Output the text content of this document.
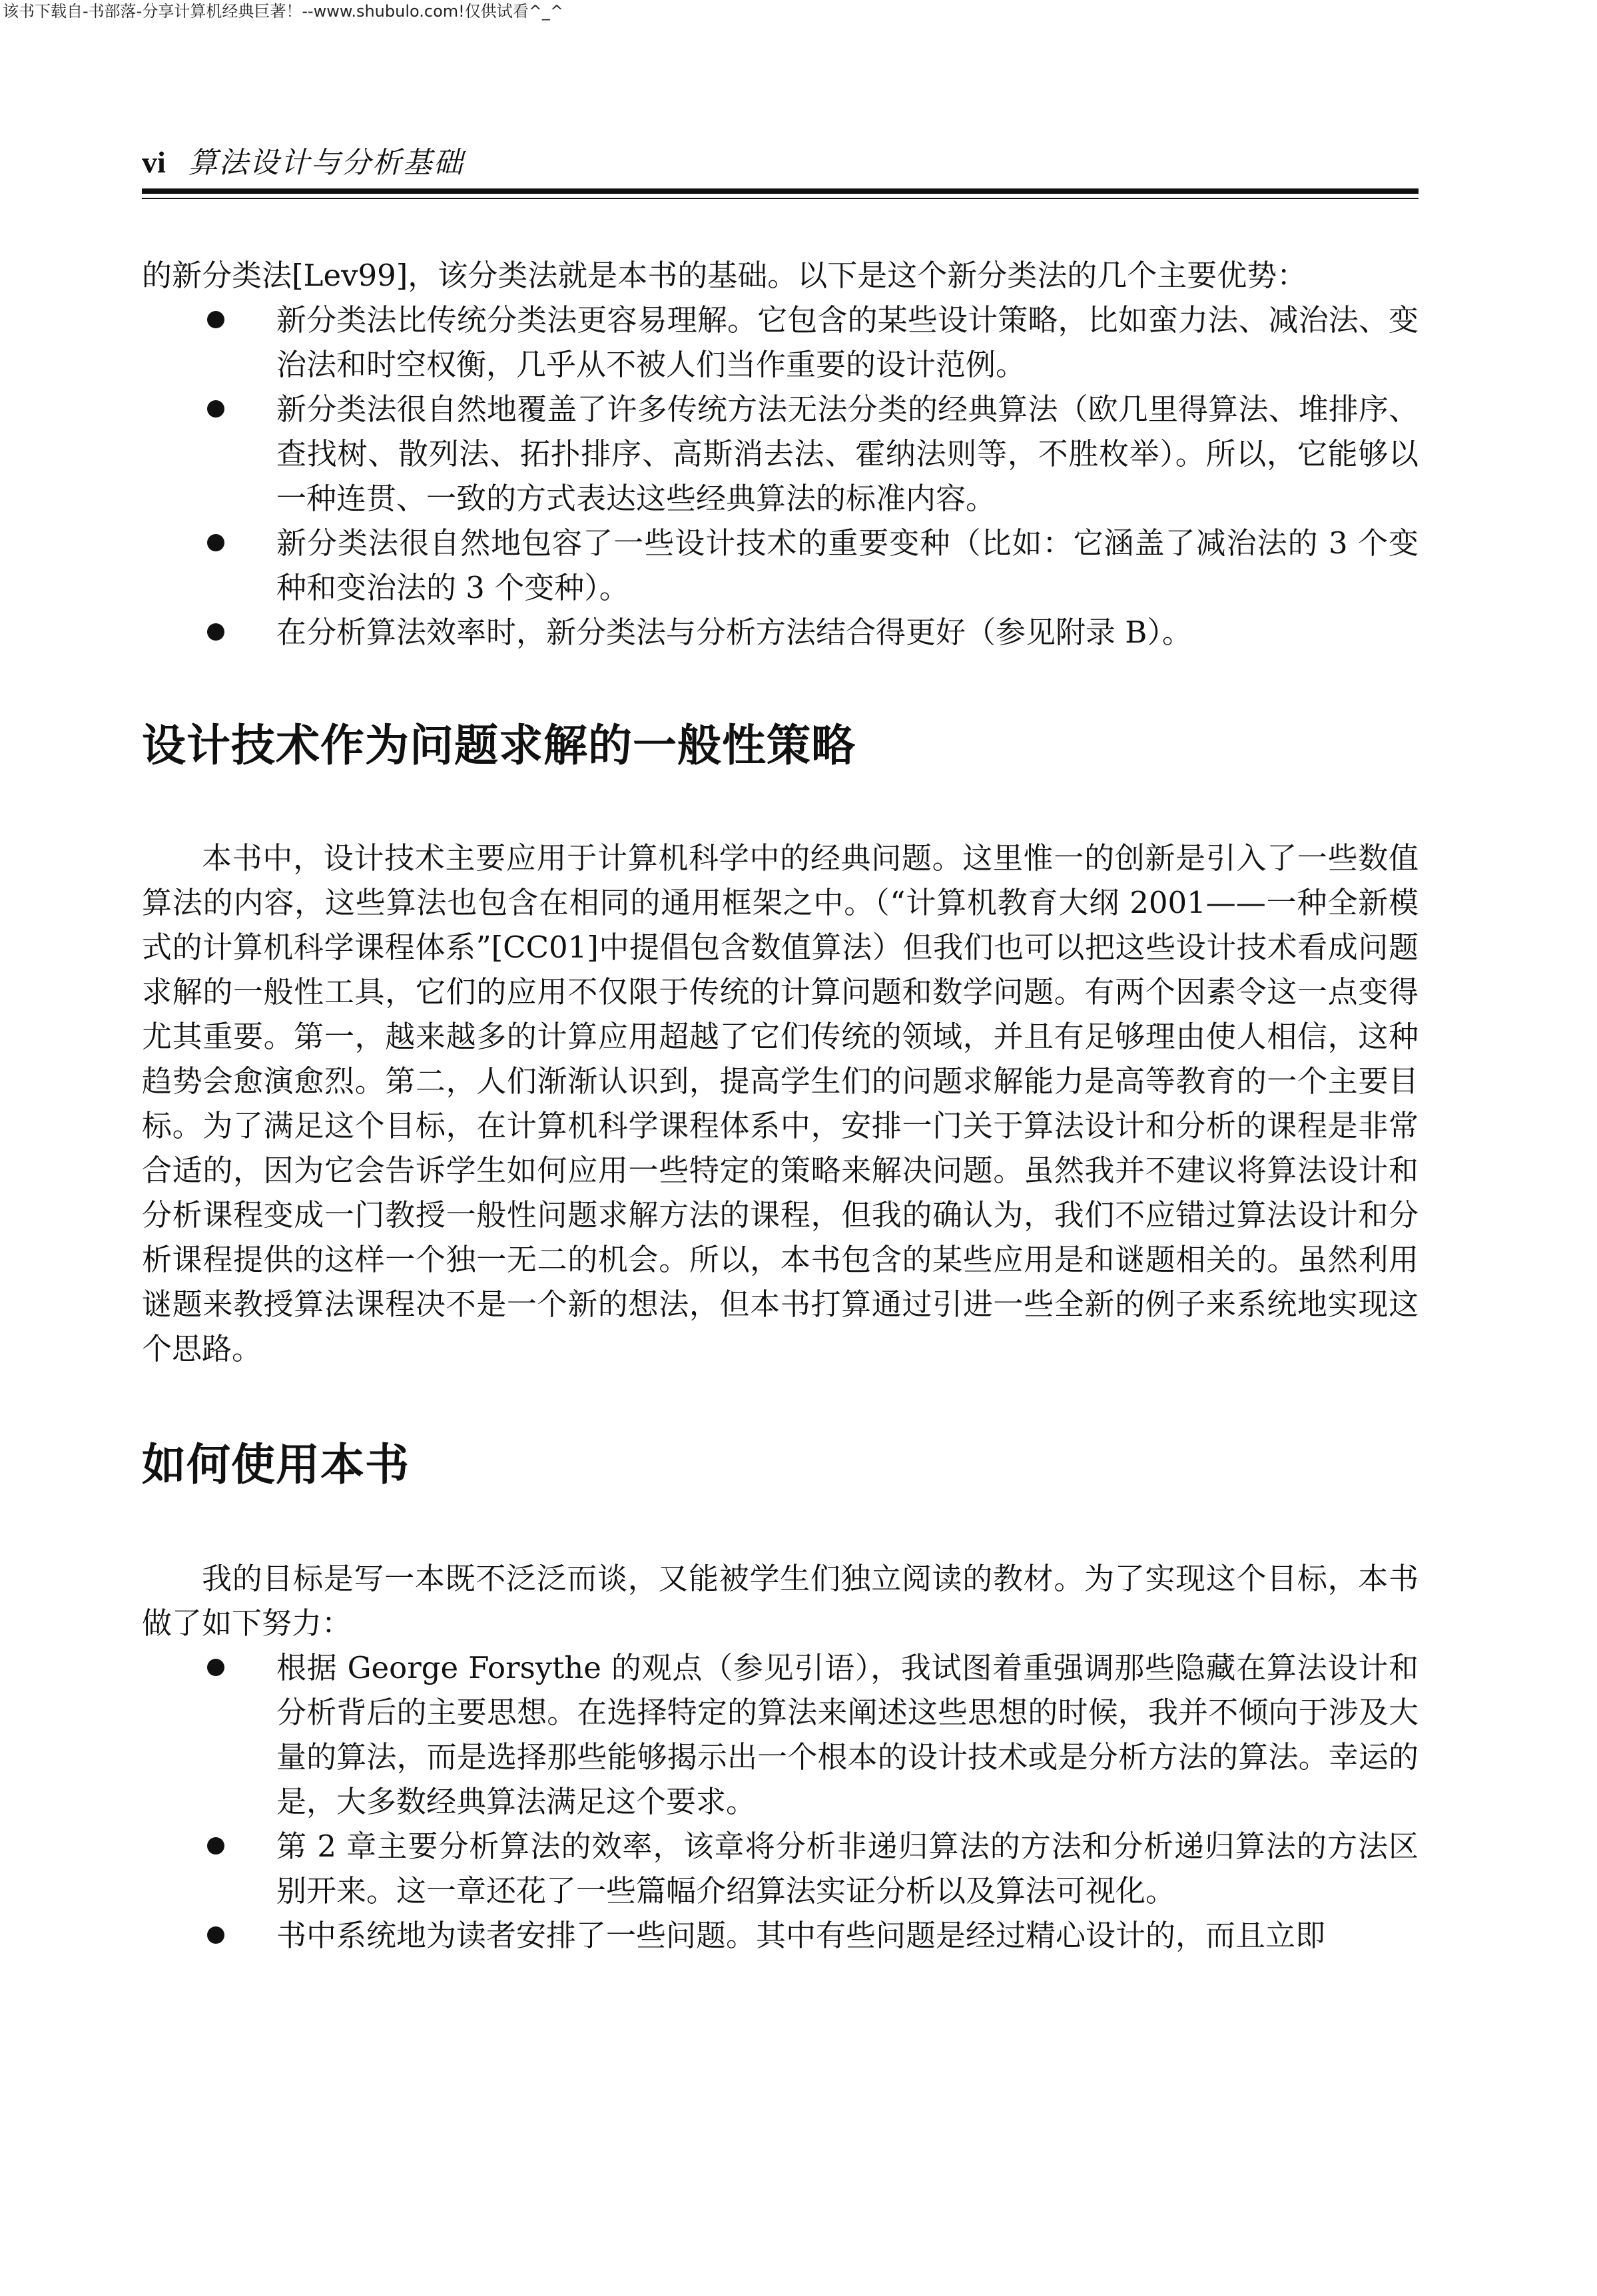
该书下载自-书部落-分享计算机经典巨著！--www.shubulo.com!仅供试看^_^
vi 算法设计与分析基础

的新分类法[Lev99]，该分类法就是本书的基础。以下是这个新分类法的几个主要优势：

新分类法比传统分类法更容易理解。它包含的某些设计策略，比如蛮力法、减治法、变治法和时空权衡，几乎从不被人们当作重要的设计范例。
新分类法很自然地覆盖了许多传统方法无法分类的经典算法（欧几里得算法、堆排序、查找树、散列法、拓扑排序、高斯消去法、霍纳法则等，不胜枚举）。所以，它能够以一种连贯、一致的方式表达这些经典算法的标准内容。
新分类法很自然地包容了一些设计技术的重要变种（比如：它涵盖了减治法的 3 个变种和变治法的 3 个变种）。
在分析算法效率时，新分类法与分析方法结合得更好（参见附录 B）。
设计技术作为问题求解的一般性策略

本书中，设计技术主要应用于计算机科学中的经典问题。这里惟一的创新是引入了一些数值算法的内容，这些算法也包含在相同的通用框架之中。（“计算机教育大纲 2001——一种全新模式的计算机科学课程体系”[CC01]中提倡包含数值算法）但我们也可以把这些设计技术看成问题求解的一般性工具，它们的应用不仅限于传统的计算问题和数学问题。有两个因素令这一点变得尤其重要。第一，越来越多的计算应用超越了它们传统的领域，并且有足够理由使人相信，这种趋势会愈演愈烈。第二，人们渐渐认识到，提高学生们的问题求解能力是高等教育的一个主要目标。为了满足这个目标，在计算机科学课程体系中，安排一门关于算法设计和分析的课程是非常合适的，因为它会告诉学生如何应用一些特定的策略来解决问题。虽然我并不建议将算法设计和分析课程变成一门教授一般性问题求解方法的课程，但我的确认为，我们不应错过算法设计和分析课程提供的这样一个独一无二的机会。所以，本书包含的某些应用是和谜题相关的。虽然利用谜题来教授算法课程决不是一个新的想法，但本书打算通过引进一些全新的例子来系统地实现这个思路。

如何使用本书

我的目标是写一本既不泛泛而谈，又能被学生们独立阅读的教材。为了实现这个目标，本书做了如下努力：

根据 George Forsythe 的观点（参见引语），我试图着重强调那些隐藏在算法设计和分析背后的主要思想。在选择特定的算法来阐述这些思想的时候，我并不倾向于涉及大量的算法，而是选择那些能够揭示出一个根本的设计技术或是分析方法的算法。幸运的是，大多数经典算法满足这个要求。
第 2 章主要分析算法的效率，该章将分析非递归算法的方法和分析递归算法的方法区别开来。这一章还花了一些篇幅介绍算法实证分析以及算法可视化。
书中系统地为读者安排了一些问题。其中有些问题是经过精心设计的，而且立即
